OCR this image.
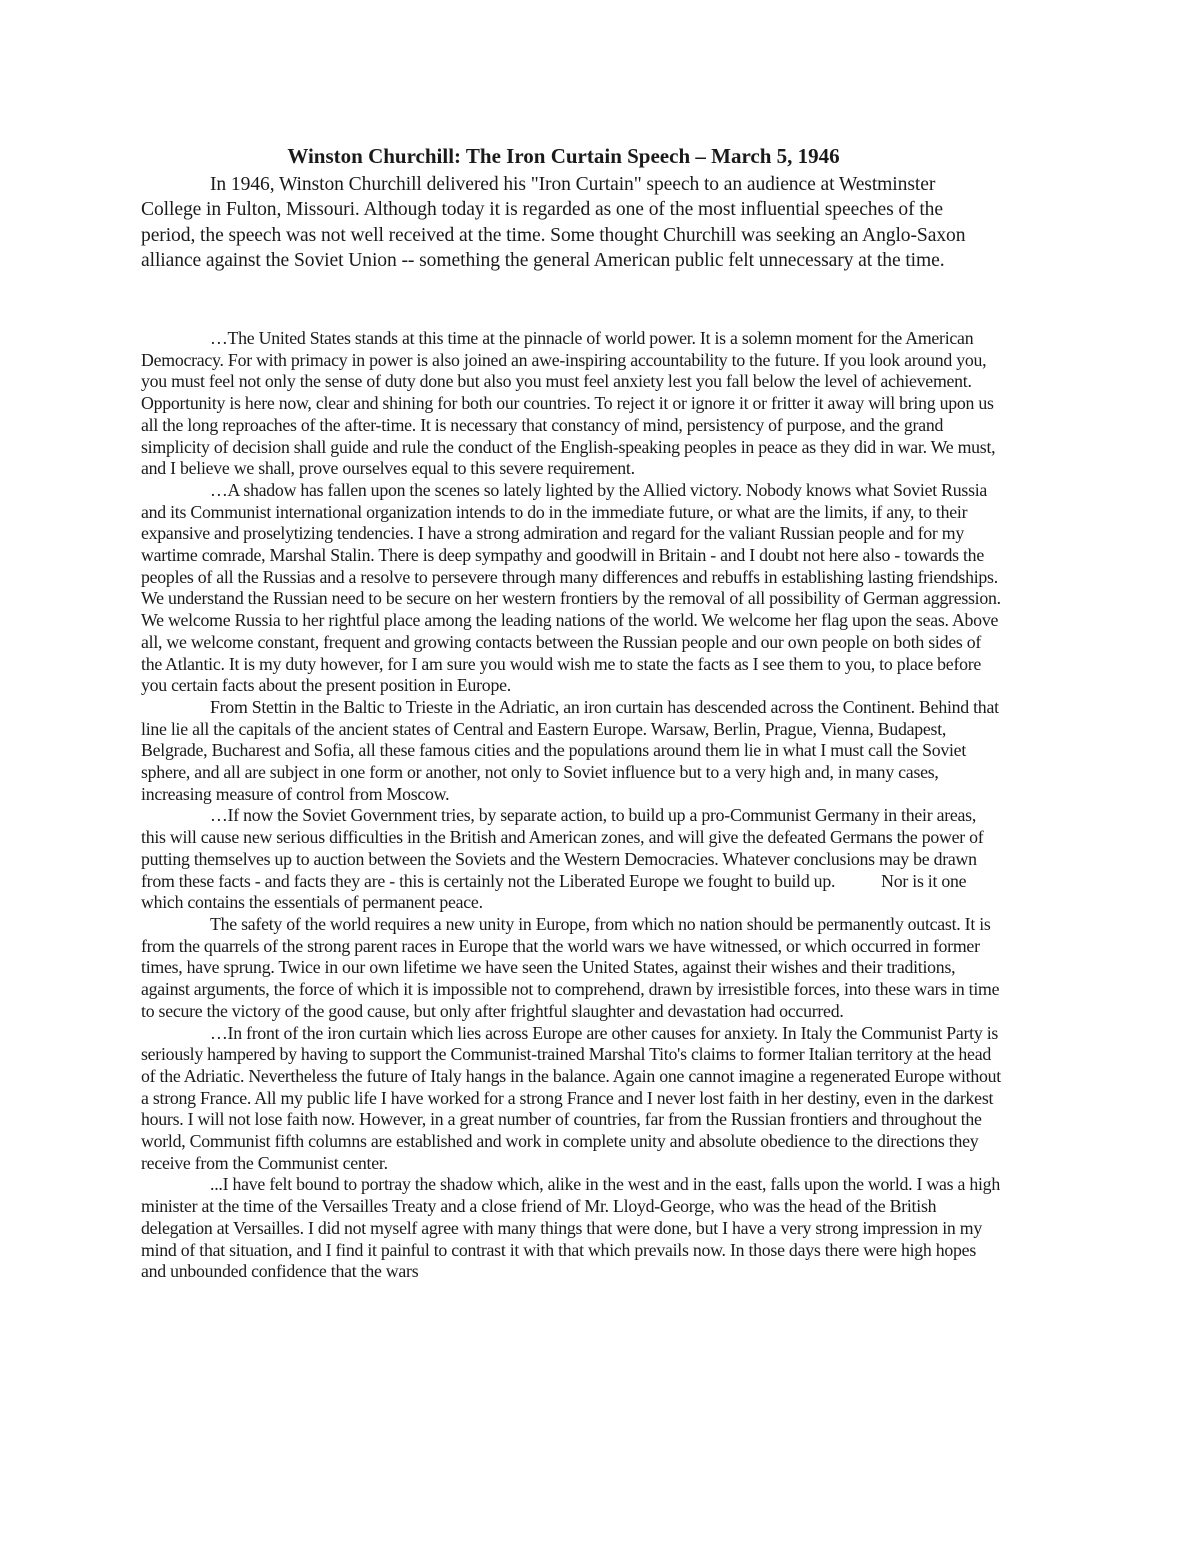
Winston Churchill: The Iron Curtain Speech – March 5, 1946

In 1946, Winston Churchill delivered his "Iron Curtain" speech to an audience at Westminster College in Fulton, Missouri. Although today it is regarded as one of the most influential speeches of the period, the speech was not well received at the time. Some thought Churchill was seeking an Anglo-Saxon alliance against the Soviet Union -- something the general American public felt unnecessary at the time.

…The United States stands at this time at the pinnacle of world power. It is a solemn moment for the American Democracy. For with primacy in power is also joined an awe-inspiring accountability to the future. If you look around you, you must feel not only the sense of duty done but also you must feel anxiety lest you fall below the level of achievement. Opportunity is here now, clear and shining for both our countries. To reject it or ignore it or fritter it away will bring upon us all the long reproaches of the after-time. It is necessary that constancy of mind, persistency of purpose, and the grand simplicity of decision shall guide and rule the conduct of the English-speaking peoples in peace as they did in war. We must, and I believe we shall, prove ourselves equal to this severe requirement.

…A shadow has fallen upon the scenes so lately lighted by the Allied victory. Nobody knows what Soviet Russia and its Communist international organization intends to do in the immediate future, or what are the limits, if any, to their expansive and proselytizing tendencies. I have a strong admiration and regard for the valiant Russian people and for my wartime comrade, Marshal Stalin. There is deep sympathy and goodwill in Britain - and I doubt not here also - towards the peoples of all the Russias and a resolve to persevere through many differences and rebuffs in establishing lasting friendships. We understand the Russian need to be secure on her western frontiers by the removal of all possibility of German aggression. We welcome Russia to her rightful place among the leading nations of the world. We welcome her flag upon the seas. Above all, we welcome constant, frequent and growing contacts between the Russian people and our own people on both sides of the Atlantic. It is my duty however, for I am sure you would wish me to state the facts as I see them to you, to place before you certain facts about the present position in Europe.

From Stettin in the Baltic to Trieste in the Adriatic, an iron curtain has descended across the Continent. Behind that line lie all the capitals of the ancient states of Central and Eastern Europe. Warsaw, Berlin, Prague, Vienna, Budapest, Belgrade, Bucharest and Sofia, all these famous cities and the populations around them lie in what I must call the Soviet sphere, and all are subject in one form or another, not only to Soviet influence but to a very high and, in many cases, increasing measure of control from Moscow.

…If now the Soviet Government tries, by separate action, to build up a pro-Communist Germany in their areas, this will cause new serious difficulties in the British and American zones, and will give the defeated Germans the power of putting themselves up to auction between the Soviets and the Western Democracies. Whatever conclusions may be drawn from these facts - and facts they are - this is certainly not the Liberated Europe we fought to build up.	Nor is it one which contains the essentials of permanent peace.

The safety of the world requires a new unity in Europe, from which no nation should be permanently outcast. It is from the quarrels of the strong parent races in Europe that the world wars we have witnessed, or which occurred in former times, have sprung. Twice in our own lifetime we have seen the United States, against their wishes and their traditions, against arguments, the force of which it is impossible not to comprehend, drawn by irresistible forces, into these wars in time to secure the victory of the good cause, but only after frightful slaughter and devastation had occurred.

…In front of the iron curtain which lies across Europe are other causes for anxiety. In Italy the Communist Party is seriously hampered by having to support the Communist-trained Marshal Tito's claims to former Italian territory at the head of the Adriatic. Nevertheless the future of Italy hangs in the balance. Again one cannot imagine a regenerated Europe without a strong France. All my public life I have worked for a strong France and I never lost faith in her destiny, even in the darkest hours. I will not lose faith now. However, in a great number of countries, far from the Russian frontiers and throughout the world, Communist fifth columns are established and work in complete unity and absolute obedience to the directions they receive from the Communist center.

...I have felt bound to portray the shadow which, alike in the west and in the east, falls upon the world. I was a high minister at the time of the Versailles Treaty and a close friend of Mr. Lloyd-George, who was the head of the British delegation at Versailles. I did not myself agree with many things that were done, but I have a very strong impression in my mind of that situation, and I find it painful to contrast it with that which prevails now. In those days there were high hopes and unbounded confidence that the wars
